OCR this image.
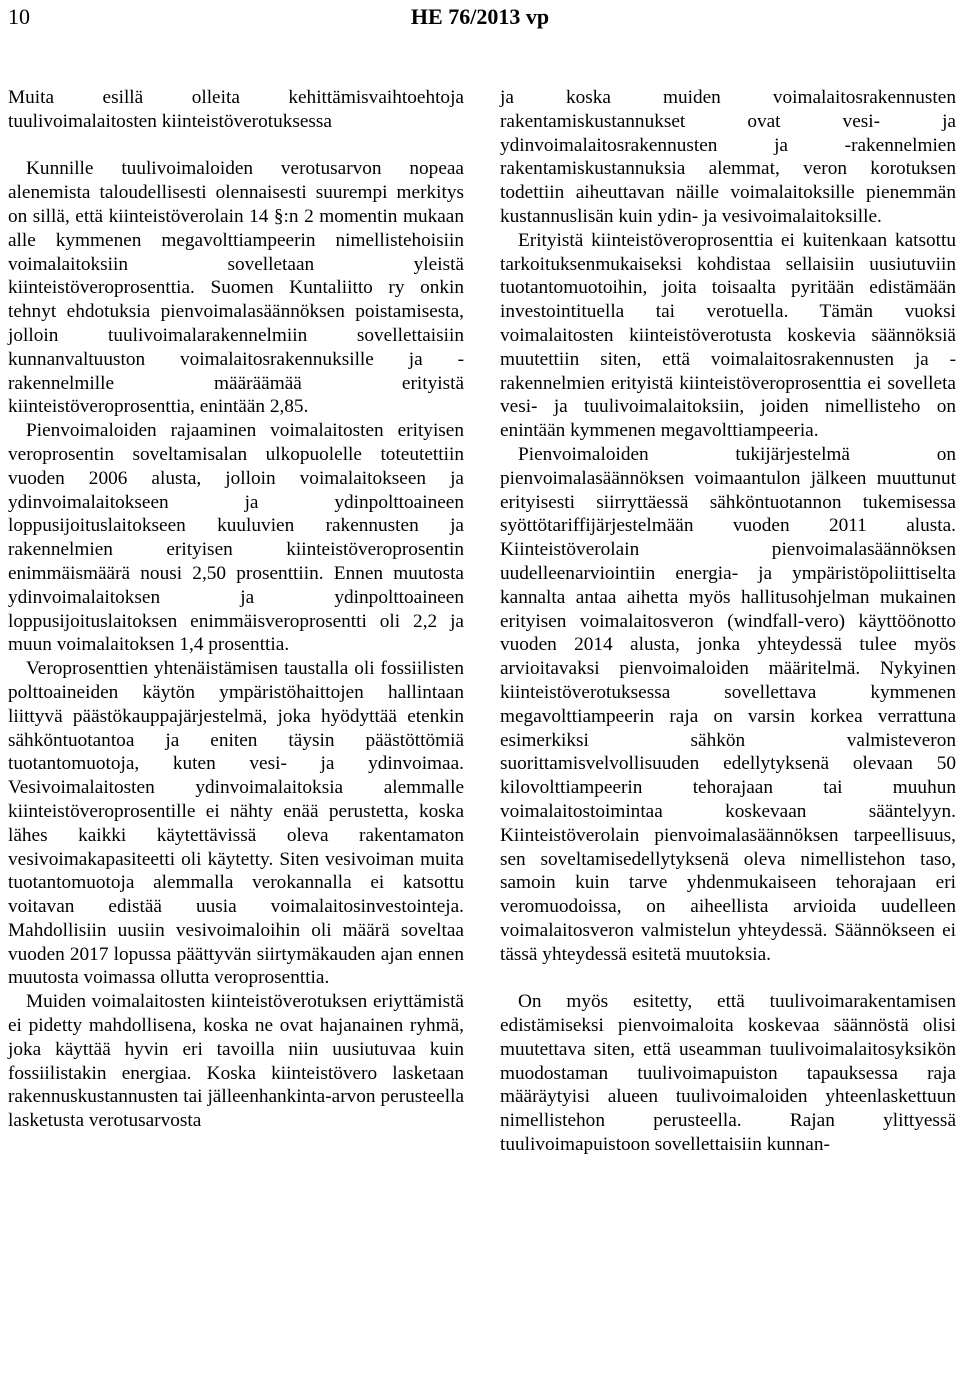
10	HE 76/2013 vp

Muita esillä olleita kehittämisvaihtoehtoja tuulivoimalaitosten kiinteistöverotuksessa

Kunnille tuulivoimaloiden verotusarvon nopeaa alenemista taloudellisesti olennaisesti suurempi merkitys on sillä, että kiinteistöverolain 14 §:n 2 momentin mukaan alle kymmenen megavolttiampeerin nimellistehoisiin voimalaitoksiin sovelletaan yleistä kiinteistöveroprosenttia. Suomen Kuntaliitto ry onkin tehnyt ehdotuksia pienvoimalasäännöksen poistamisesta, jolloin tuulivoimalarakennelmiin sovellettaisiin kunnanvaltuuston voimalaitosrakennuksille ja -rakennelmille määräämää erityistä kiinteistöveroprosenttia, enintään 2,85.

Pienvoimaloiden rajaaminen voimalaitosten erityisen veroprosentin soveltamisalan ulkopuolelle toteutettiin vuoden 2006 alusta, jolloin voimalaitokseen ja ydinvoimalaitokseen ja ydinpolttoaineen loppusijoituslaitokseen kuuluvien rakennusten ja rakennelmien erityisen kiinteistöveroprosentin enimmäismäärä nousi 2,50 prosenttiin. Ennen muutosta ydinvoimalaitoksen ja ydinpolttoaineen loppusijoituslaitoksen enimmäisveroprosentti oli 2,2 ja muun voimalaitoksen 1,4 prosenttia.

Veroprosenttien yhtenäistämisen taustalla oli fossiilisten polttoaineiden käytön ympäristöhaittojen hallintaan liittyvä päästökauppajärjestelmä, joka hyödyttää etenkin sähköntuotantoa ja eniten täysin päästöttömiä tuotantomuotoja, kuten vesi- ja ydinvoimaa. Vesivoimalaitosten ydinvoimalaitoksia alemmalle kiinteistöveroprosentille ei nähty enää perustetta, koska lähes kaikki käytettävissä oleva rakentamaton vesivoimakapasiteetti oli käytetty. Siten vesivoiman muita tuotantomuotoja alemmalla verokannalla ei katsottu voitavan edistää uusia voimalaitosinvestointeja. Mahdollisiin uusiin vesivoimaloihin oli määrä soveltaa vuoden 2017 lopussa päättyvän siirtymäkauden ajan ennen muutosta voimassa ollutta veroprosenttia.

Muiden voimalaitosten kiinteistöverotuksen eriyttämistä ei pidetty mahdollisena, koska ne ovat hajanainen ryhmä, joka käyttää hyvin eri tavoilla niin uusiutuvaa kuin fossiilistakin energiaa. Koska kiinteistövero lasketaan rakennuskustannusten tai jälleenhankinta-arvon perusteella lasketusta verotusarvosta

ja koska muiden voimalaitosrakennusten rakentamiskustannukset ovat vesi- ja ydinvoimalaitosrakennusten ja -rakennelmien rakentamiskustannuksia alemmat, veron korotuksen todettiin aiheuttavan näille voimalaitoksille pienemmän kustannuslisän kuin ydin- ja vesivoimalaitoksille.

Erityistä kiinteistöveroprosenttia ei kuitenkaan katsottu tarkoituksenmukaiseksi kohdistaa sellaisiin uusiutuviin tuotantomuotoihin, joita toisaalta pyritään edistämään investointituella tai verotuella. Tämän vuoksi voimalaitosten kiinteistöverotusta koskevia säännöksiä muutettiin siten, että voimalaitosrakennusten ja -rakennelmien erityistä kiinteistöveroprosenttia ei sovelleta vesi- ja tuulivoimalaitoksiin, joiden nimellisteho on enintään kymmenen megavolttiampeeria.

Pienvoimaloiden tukijärjestelmä on pienvoimalasäännöksen voimaantulon jälkeen muuttunut erityisesti siirryttäessä sähköntuotannon tukemisessa syöttötariffijärjestelmään vuoden 2011 alusta. Kiinteistöverolain pienvoimalasäännöksen uudelleenarviointiin energia- ja ympäristöpoliittiselta kannalta antaa aihetta myös hallitusohjelman mukainen erityisen voimalaitosveron (windfall-vero) käyttöönotto vuoden 2014 alusta, jonka yhteydessä tulee myös arvioitavaksi pienvoimaloiden määritelmä. Nykyinen kiinteistöverotuksessa sovellettava kymmenen megavolttiampeerin raja on varsin korkea verrattuna esimerkiksi sähkön valmisteveron suorittamisvelvollisuuden edellytyksenä olevaan 50 kilovolttiampeerin tehorajaan tai muuhun voimalaitostoimintaa koskevaan sääntelyyn. Kiinteistöverolain pienvoimalasäännöksen tarpeellisuus, sen soveltamisedellytyksenä oleva nimellistehon taso, samoin kuin tarve yhdenmukaiseen tehorajaan eri veromuodoissa, on aiheellista arvioida uudelleen voimalaitosveron valmistelun yhteydessä. Säännökseen ei tässä yhteydessä esitetä muutoksia.

On myös esitetty, että tuulivoimarakentamisen edistämiseksi pienvoimaloita koskevaa säännöstä olisi muutettava siten, että useamman tuulivoimalaitosyksikön muodostaman tuulivoimapuiston tapauksessa raja määräytyisi alueen tuulivoimaloiden yhteenlaskettuun nimellistehon perusteella. Rajan ylittyessä tuulivoimapuistoon sovellettaisiin kunnan-
